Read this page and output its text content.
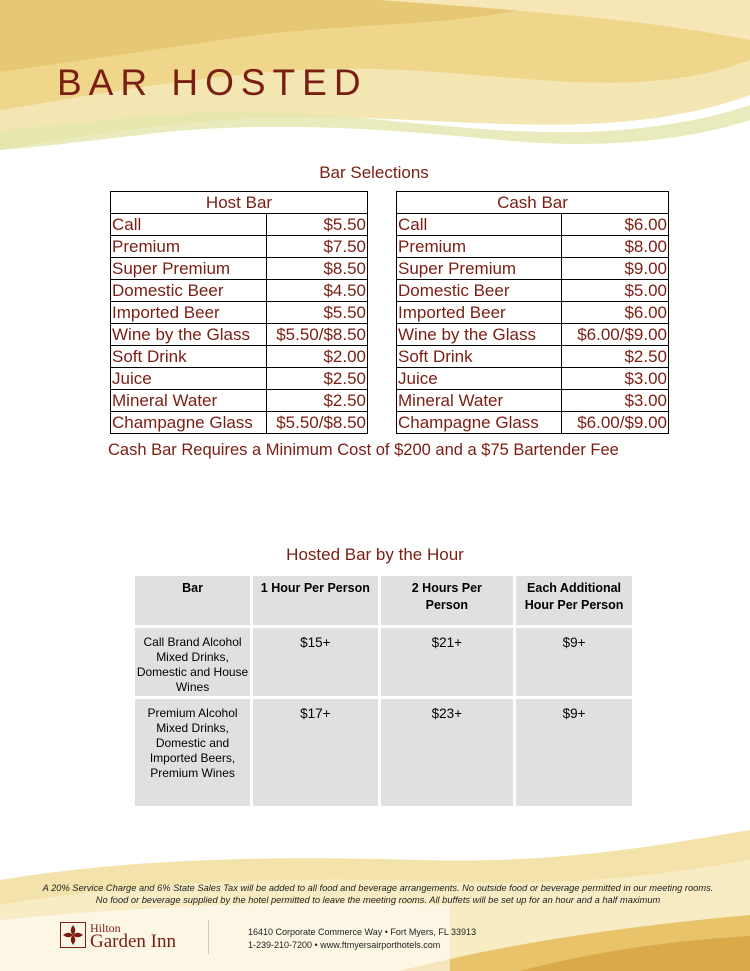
BAR HOSTED
Bar Selections
Host Bar	
Call	$5.50
Premium	$7.50
Super Premium	$8.50
Domestic Beer	$4.50
Imported Beer	$5.50
Wine by the Glass	$5.50/$8.50
Soft Drink	$2.00
Juice	$2.50
Mineral Water	$2.50
Champagne Glass	$5.50/$8.50
Cash Bar	
Call	$6.00
Premium	$8.00
Super Premium	$9.00
Domestic Beer	$5.00
Imported Beer	$6.00
Wine by the Glass	$6.00/$9.00
Soft Drink	$2.50
Juice	$3.00
Mineral Water	$3.00
Champagne Glass	$6.00/$9.00
Cash Bar Requires a Minimum Cost of $200 and a $75 Bartender Fee
Hosted Bar by the Hour
Bar	1 Hour Per Person	2 Hours Per Person	Each Additional Hour Per Person
Call Brand Alcohol Mixed Drinks, Domestic and House Wines	$15+	$21+	$9+
Premium Alcohol Mixed Drinks, Domestic and Imported Beers, Premium Wines	$17+	$23+	$9+
A 20% Service Charge and 6% State Sales Tax will be added to all food and beverage arrangements. No outside food or beverage permitted in our meeting rooms. No food or beverage supplied by the hotel permitted to leave the meeting rooms. All buffets will be set up for an hour and a half maximum
Hilton
Garden Inn	16410 Corporate Commerce Way • Fort Myers, FL 33913
1-239-210-7200 • www.ftmyersairporthotels.com
